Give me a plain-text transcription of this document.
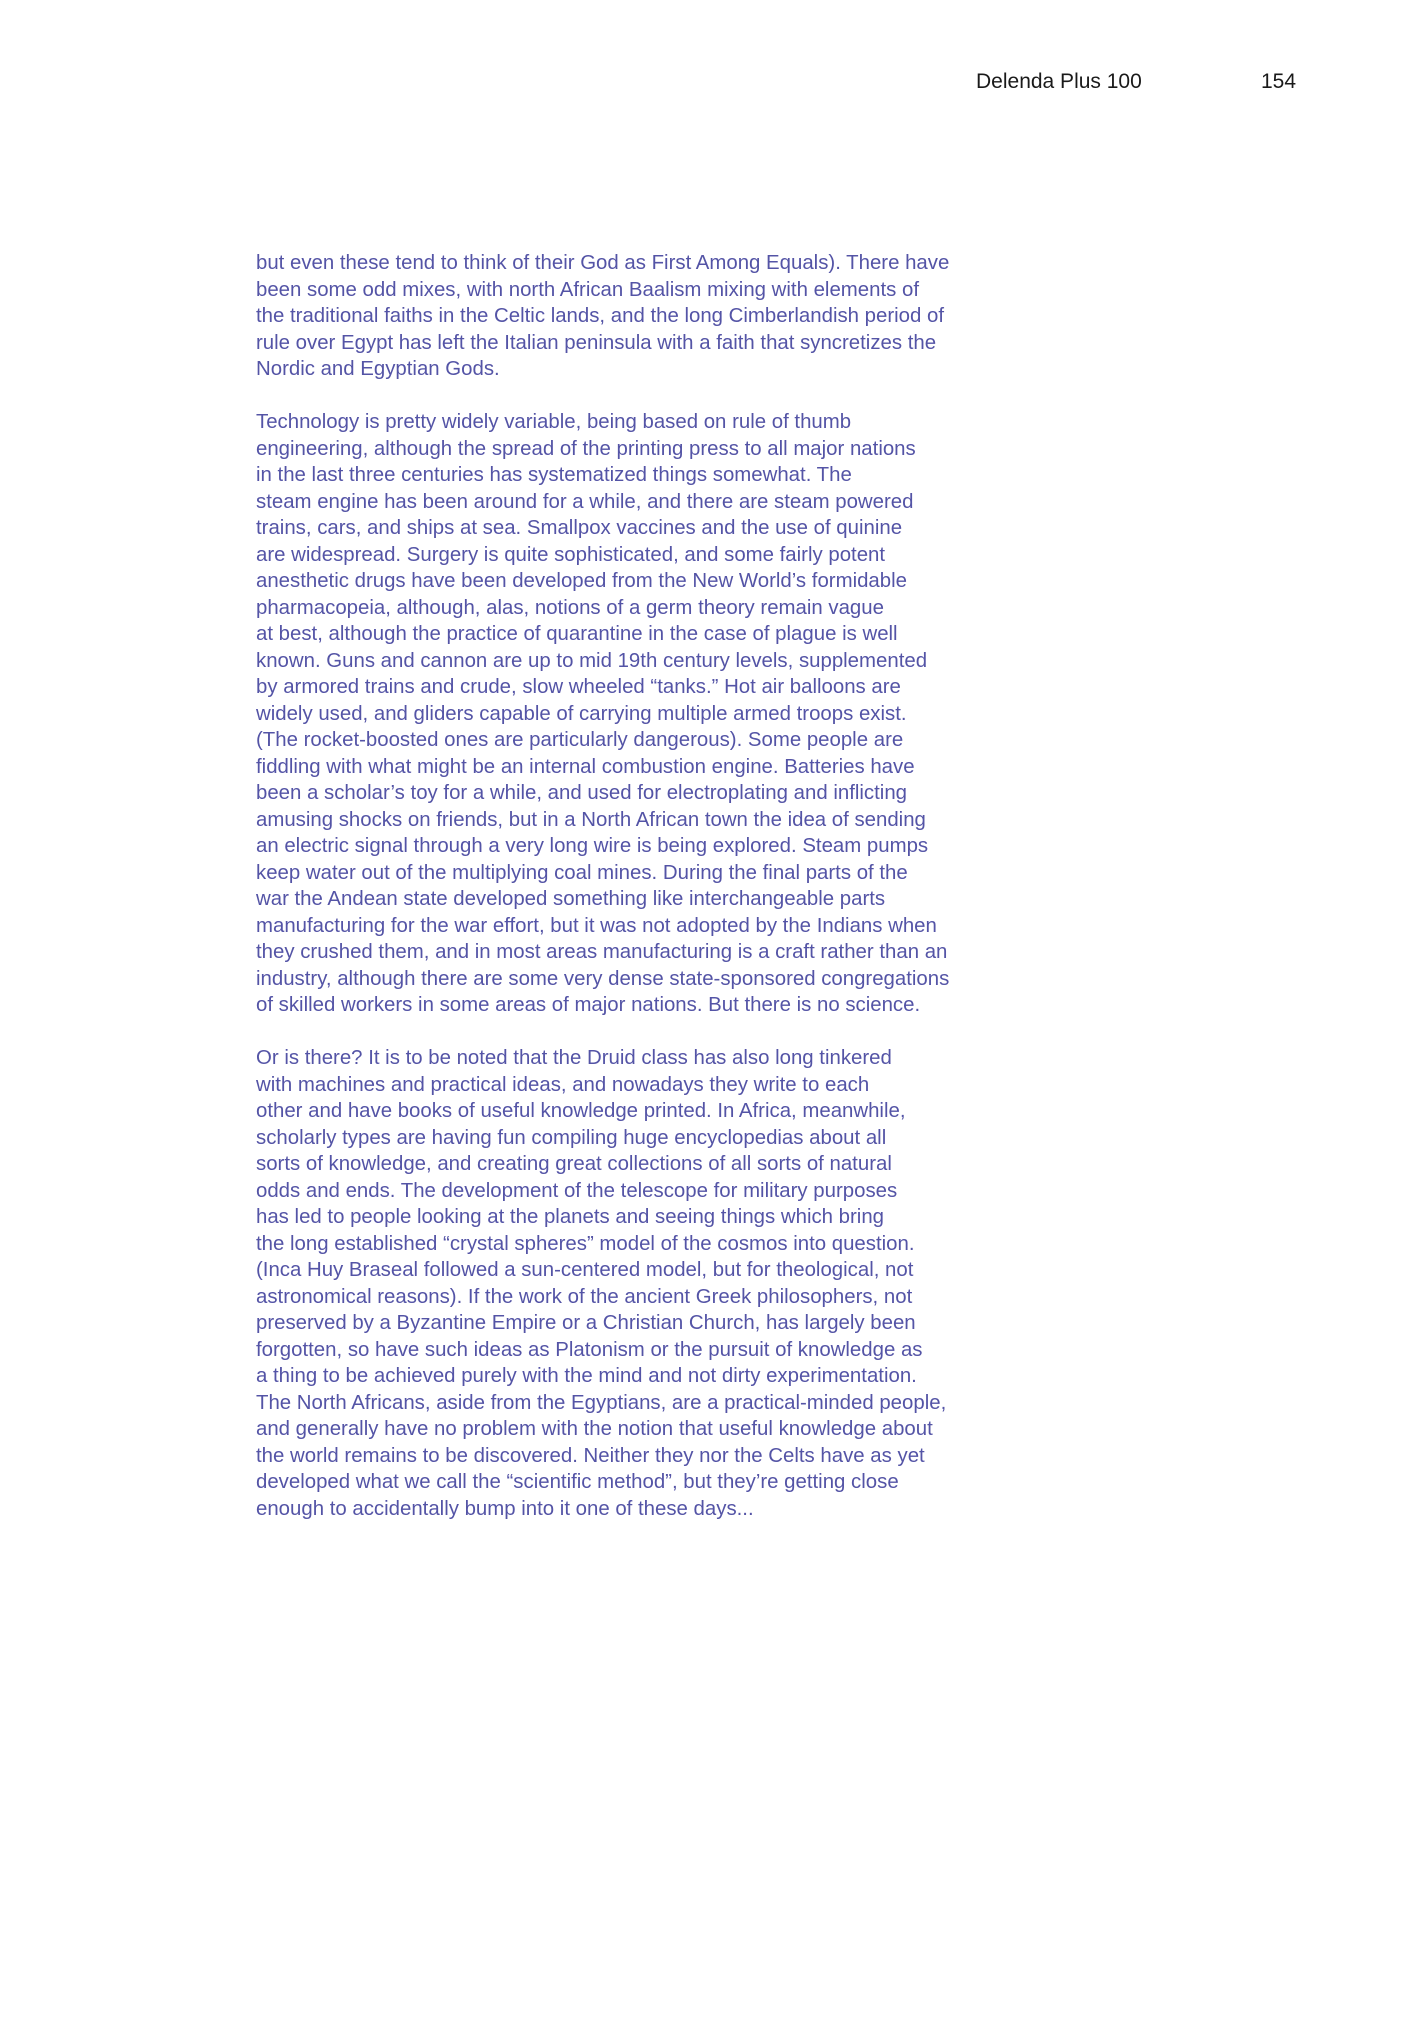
Delenda Plus 100	154

but even these tend to think of their God as First Among Equals). There have
been some odd mixes, with north African Baalism mixing with elements of
the traditional faiths in the Celtic lands, and the long Cimberlandish period of
rule over Egypt has left the Italian peninsula with a faith that syncretizes the
Nordic and Egyptian Gods.

Technology is pretty widely variable, being based on rule of thumb
engineering, although the spread of the printing press to all major nations
in the last three centuries has systematized things somewhat. The
steam engine has been around for a while, and there are steam powered
trains, cars, and ships at sea. Smallpox vaccines and the use of quinine
are widespread. Surgery is quite sophisticated, and some fairly potent
anesthetic drugs have been developed from the New World’s formidable
pharmacopeia, although, alas, notions of a germ theory remain vague
at best, although the practice of quarantine in the case of plague is well
known. Guns and cannon are up to mid 19th century levels, supplemented
by armored trains and crude, slow wheeled “tanks.” Hot air balloons are
widely used, and gliders capable of carrying multiple armed troops exist.
(The rocket-boosted ones are particularly dangerous). Some people are
fiddling with what might be an internal combustion engine. Batteries have
been a scholar’s toy for a while, and used for electroplating and inflicting
amusing shocks on friends, but in a North African town the idea of sending
an electric signal through a very long wire is being explored. Steam pumps
keep water out of the multiplying coal mines. During the final parts of the
war the Andean state developed something like interchangeable parts
manufacturing for the war effort, but it was not adopted by the Indians when
they crushed them, and in most areas manufacturing is a craft rather than an
industry, although there are some very dense state-sponsored congregations
of skilled workers in some areas of major nations. But there is no science.

Or is there? It is to be noted that the Druid class has also long tinkered
with machines and practical ideas, and nowadays they write to each
other and have books of useful knowledge printed. In Africa, meanwhile,
scholarly types are having fun compiling huge encyclopedias about all
sorts of knowledge, and creating great collections of all sorts of natural
odds and ends. The development of the telescope for military purposes
has led to people looking at the planets and seeing things which bring
the long established “crystal spheres” model of the cosmos into question.
(Inca Huy Braseal followed a sun-centered model, but for theological, not
astronomical reasons). If the work of the ancient Greek philosophers, not
preserved by a Byzantine Empire or a Christian Church, has largely been
forgotten, so have such ideas as Platonism or the pursuit of knowledge as
a thing to be achieved purely with the mind and not dirty experimentation.
The North Africans, aside from the Egyptians, are a practical-minded people,
and generally have no problem with the notion that useful knowledge about
the world remains to be discovered. Neither they nor the Celts have as yet
developed what we call the “scientific method”, but they’re getting close
enough to accidentally bump into it one of these days...
